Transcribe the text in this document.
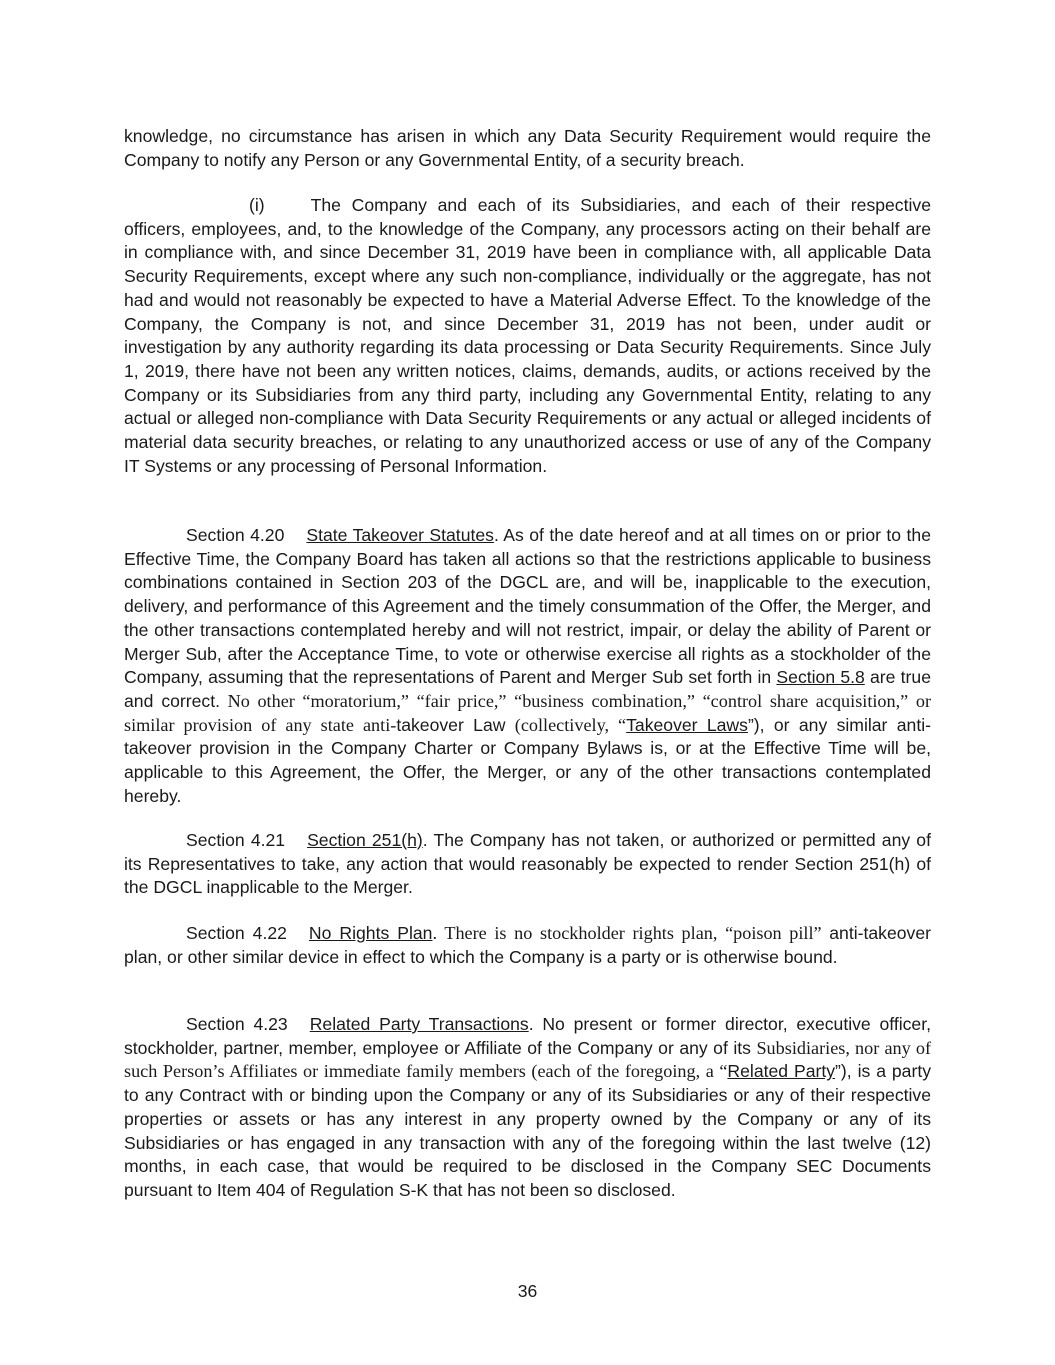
knowledge, no circumstance has arisen in which any Data Security Requirement would require the Company to notify any Person or any Governmental Entity, of a security breach.

(i)	The Company and each of its Subsidiaries, and each of their respective officers, employees, and, to the knowledge of the Company, any processors acting on their behalf are in compliance with, and since December 31, 2019 have been in compliance with, all applicable Data Security Requirements, except where any such non-compliance, individually or the aggregate, has not had and would not reasonably be expected to have a Material Adverse Effect. To the knowledge of the Company, the Company is not, and since December 31, 2019 has not been, under audit or investigation by any authority regarding its data processing or Data Security Requirements. Since July 1, 2019, there have not been any written notices, claims, demands, audits, or actions received by the Company or its Subsidiaries from any third party, including any Governmental Entity, relating to any actual or alleged non-compliance with Data Security Requirements or any actual or alleged incidents of material data security breaches, or relating to any unauthorized access or use of any of the Company IT Systems or any processing of Personal Information.

Section 4.20 State Takeover Statutes. As of the date hereof and at all times on or prior to the Effective Time, the Company Board has taken all actions so that the restrictions applicable to business combinations contained in Section 203 of the DGCL are, and will be, inapplicable to the execution, delivery, and performance of this Agreement and the timely consummation of the Offer, the Merger, and the other transactions contemplated hereby and will not restrict, impair, or delay the ability of Parent or Merger Sub, after the Acceptance Time, to vote or otherwise exercise all rights as a stockholder of the Company, assuming that the representations of Parent and Merger Sub set forth in Section 5.8 are true and correct. No other “moratorium,” “fair price,” “business combination,” “control share acquisition,” or similar provision of any state anti-takeover Law (collectively, “Takeover Laws”), or any similar anti-takeover provision in the Company Charter or Company Bylaws is, or at the Effective Time will be, applicable to this Agreement, the Offer, the Merger, or any of the other transactions contemplated hereby.

Section 4.21 Section 251(h). The Company has not taken, or authorized or permitted any of its Representatives to take, any action that would reasonably be expected to render Section 251(h) of the DGCL inapplicable to the Merger.

Section 4.22 No Rights Plan. There is no stockholder rights plan, “poison pill” anti-takeover plan, or other similar device in effect to which the Company is a party or is otherwise bound.

Section 4.23 Related Party Transactions. No present or former director, executive officer, stockholder, partner, member, employee or Affiliate of the Company or any of its Subsidiaries, nor any of such Person’s Affiliates or immediate family members (each of the foregoing, a “Related Party”), is a party to any Contract with or binding upon the Company or any of its Subsidiaries or any of their respective properties or assets or has any interest in any property owned by the Company or any of its Subsidiaries or has engaged in any transaction with any of the foregoing within the last twelve (12) months, in each case, that would be required to be disclosed in the Company SEC Documents pursuant to Item 404 of Regulation S-K that has not been so disclosed.

36
